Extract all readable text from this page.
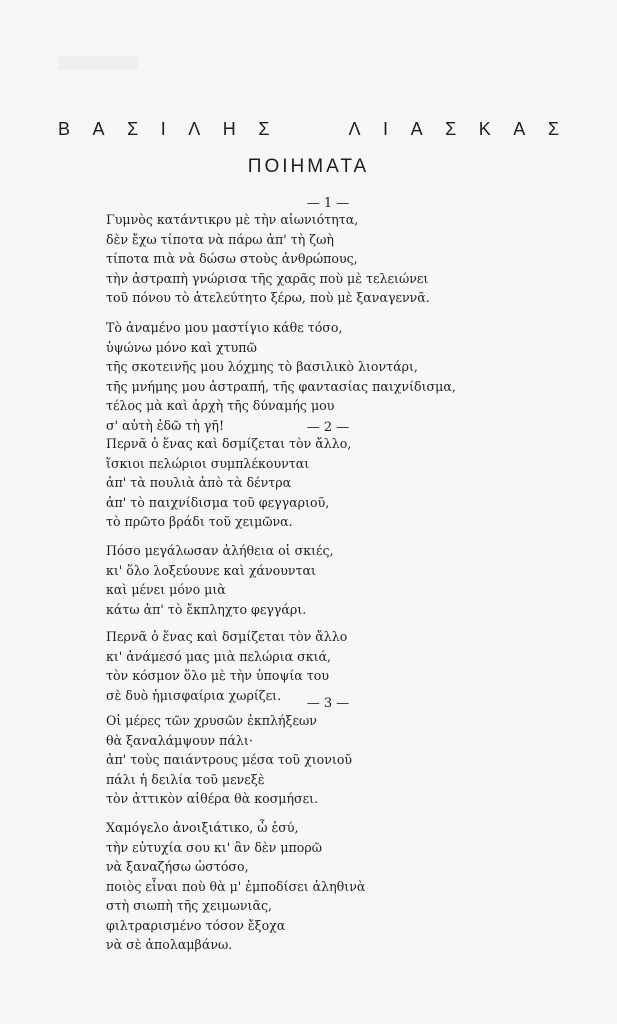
Β Α Σ Ι Λ Η Σ	Λ Ι Α Σ Κ Α Σ
ΠΟΙΗΜΑΤΑ
— 1 —
Γυμνὸς κατάντικρυ μὲ τὴν αἰωνιότητα,
δὲν ἔχω τίποτα νὰ πάρω ἀπ' τὴ ζωὴ
τίποτα πιὰ νὰ δώσω στοὺς ἀνθρώπους,
τὴν ἀστραπὴ γνώρισα τῆς χαρᾶς ποὺ μὲ τελειώνει
τοῦ πόνου τὸ ἀτελεύτητο ξέρω, ποὺ μὲ ξαναγεννᾶ.
Τὸ ἀναμένο μου μαστίγιο κάθε τόσο,
ὑψώνω μόνο καὶ χτυπῶ
τῆς σκοτεινῆς μου λόχμης τὸ βασιλικὸ λιοντάρι,
τῆς μνήμης μου ἀστραπή, τῆς φαντασίας παιχνίδισμα,
τέλος μὰ καὶ ἀρχὴ τῆς δύναμής μου
σ' αὐτὴ ἐδῶ τὴ γῆ!	— 2 —
Περνᾶ ὁ ἕνας καὶ δσμίζεται τὸν ἄλλο,
ἴσκιοι πελώριοι συμπλέκουνται
ἀπ' τὰ πουλιὰ ἀπὸ τὰ δέντρα
ἀπ' τὸ παιχνίδισμα τοῦ φεγγαριοῦ,
τὸ πρῶτο βράδι τοῦ χειμῶνα.
Πόσο μεγάλωσαν ἀλήθεια οἱ σκιές,
κι' ὅλο λοξεύουνε καὶ χάνουνται
καὶ μένει μόνο μιὰ
κάτω ἀπ' τὸ ἔκπληχτο φεγγάρι.
Περνᾶ ὁ ἕνας καὶ δσμίζεται τὸν ἄλλο
κι' ἀνάμεσό μας μιὰ πελώρια σκιά,
τὸν κόσμον ὅλο μὲ τὴν ὑποψία του
σὲ δυὸ ἡμισφαίρια χωρίζει.
— 3 —
Οἱ μέρες τῶν χρυσῶν ἐκπλήξεων
θὰ ξαναλάμψουν πάλι·
ἀπ' τοὺς παιάντρους μέσα τοῦ χιονιοῦ
πάλι ἡ δειλία τοῦ μενεξὲ
τὸν ἀττικὸν αἰθέρα θὰ κοσμήσει.
Χαμόγελο ἀνοιξιάτικο, ὦ ἐσύ,
τὴν εὐτυχία σου κι' ἂν δὲν μπορῶ
νὰ ξαναζήσω ὡστόσο,
ποιὸς εἶναι ποὺ θὰ μ' ἐμποδίσει ἀληθινὰ
στὴ σιωπὴ τῆς χειμωνιᾶς,
φιλτραρισμένο τόσον ἔξοχα
νὰ σὲ ἀπολαμβάνω.
